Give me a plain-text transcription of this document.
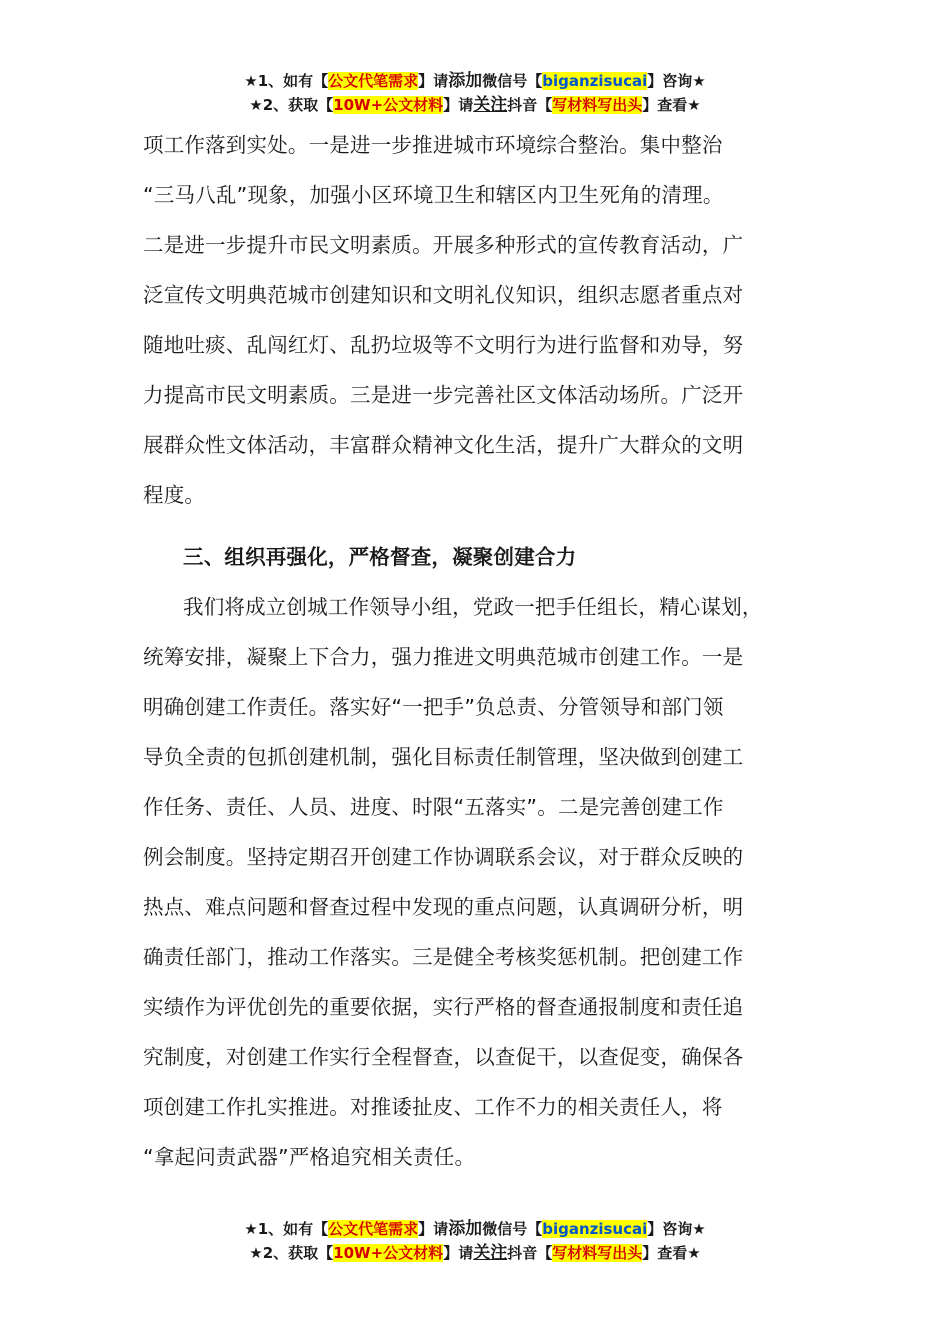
★1、如有【公文代笔需求】请添加微信号【biganzisucai】咨询★
★2、获取【10W+公文材料】请关注抖音【写材料写出头】查看★
项工作落到实处。一是进一步推进城市环境综合整治。集中整治
“三马八乱”现象，加强小区环境卫生和辖区内卫生死角的清理。
二是进一步提升市民文明素质。开展多种形式的宣传教育活动，广
泛宣传文明典范城市创建知识和文明礼仪知识，组织志愿者重点对
随地吐痰、乱闯红灯、乱扔垃圾等不文明行为进行监督和劝导，努
力提高市民文明素质。三是进一步完善社区文体活动场所。广泛开
展群众性文体活动，丰富群众精神文化生活，提升广大群众的文明
程度。
三、组织再强化，严格督查，凝聚创建合力
我们将成立创城工作领导小组，党政一把手任组长，精心谋划，
统筹安排，凝聚上下合力，强力推进文明典范城市创建工作。一是
明确创建工作责任。落实好“一把手”负总责、分管领导和部门领
导负全责的包抓创建机制，强化目标责任制管理，坚决做到创建工
作任务、责任、人员、进度、时限“五落实”。二是完善创建工作
例会制度。坚持定期召开创建工作协调联系会议，对于群众反映的
热点、难点问题和督查过程中发现的重点问题，认真调研分析，明
确责任部门，推动工作落实。三是健全考核奖惩机制。把创建工作
实绩作为评优创先的重要依据，实行严格的督查通报制度和责任追
究制度，对创建工作实行全程督查，以查促干，以查促变，确保各
项创建工作扎实推进。对推诿扯皮、工作不力的相关责任人，将
“拿起问责武器”严格追究相关责任。
★1、如有【公文代笔需求】请添加微信号【biganzisucai】咨询★
★2、获取【10W+公文材料】请关注抖音【写材料写出头】查看★
